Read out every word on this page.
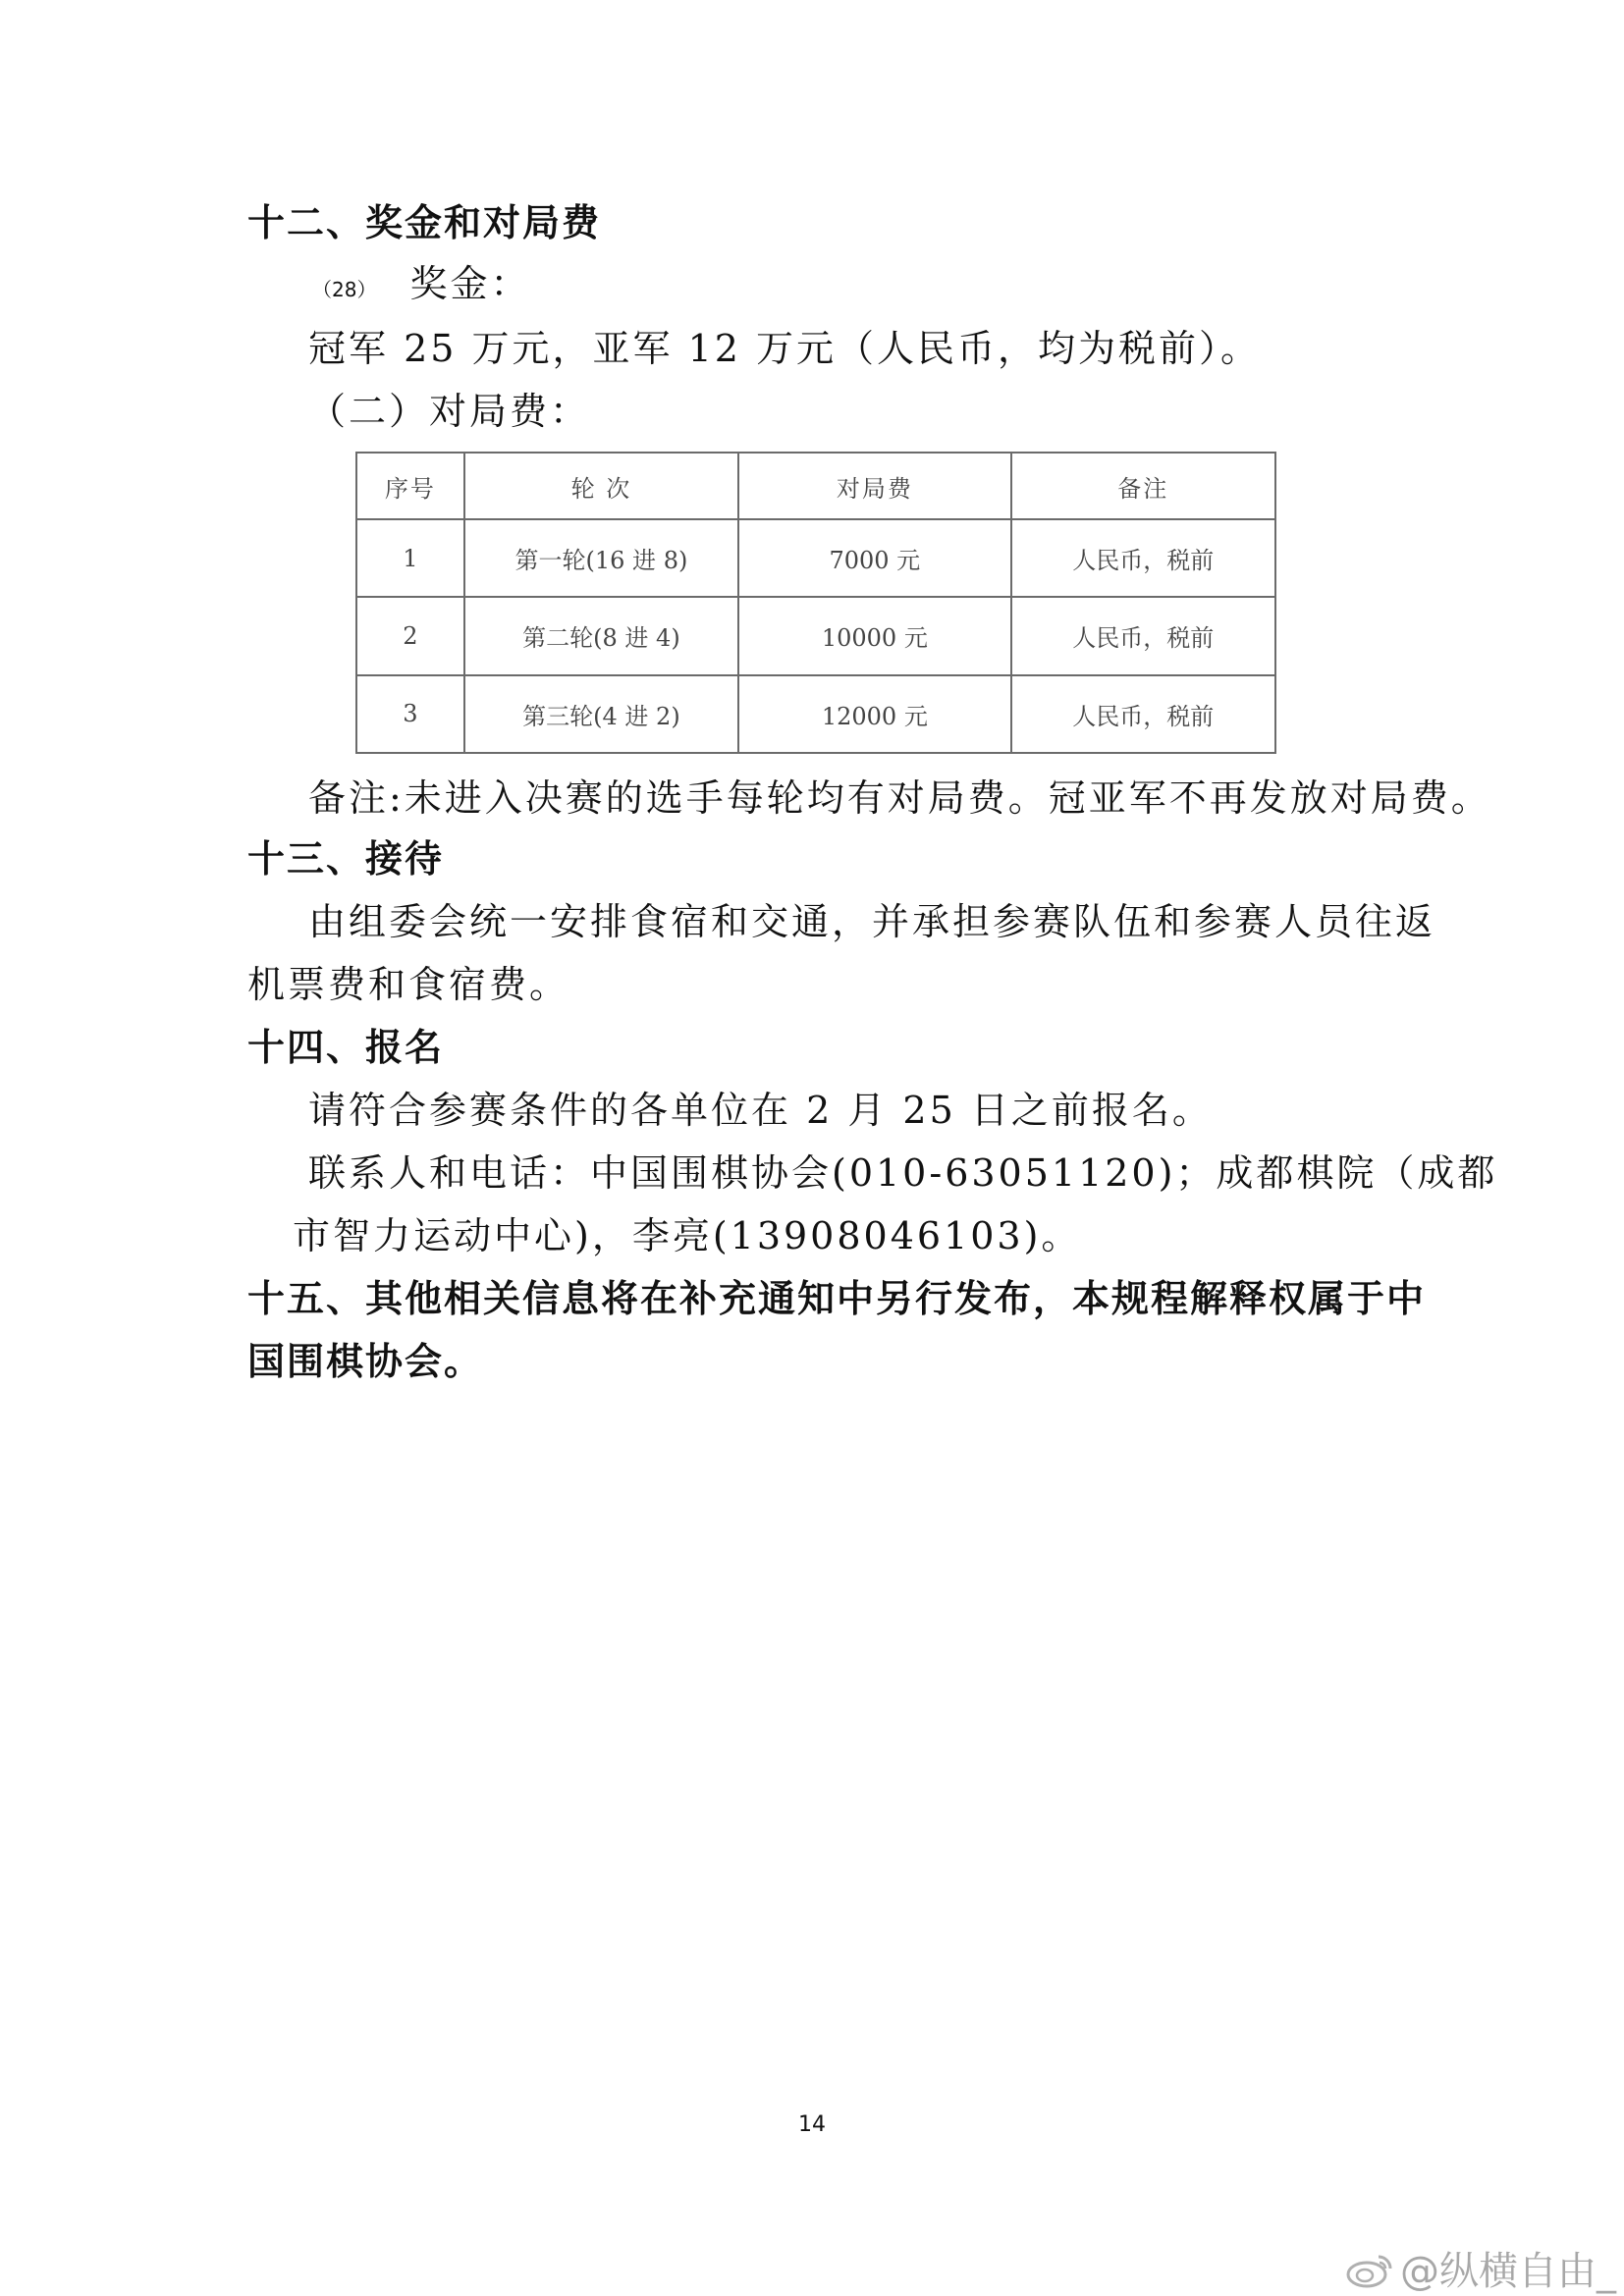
十二、奖金和对局费
（28） 奖金：
冠军 25 万元，亚军 12 万元（人民币，均为税前）。
（二）对局费：
序号	轮 次	对局费	备注
1	第一轮(16 进 8)	7000 元	人民币，税前
2	第二轮(8 进 4)	10000 元	人民币，税前
3	第三轮(4 进 2)	12000 元	人民币，税前
备注:未进入决赛的选手每轮均有对局费。冠亚军不再发放对局费。
十三、接待
由组委会统一安排食宿和交通，并承担参赛队伍和参赛人员往返
机票费和食宿费。
十四、报名
请符合参赛条件的各单位在 2 月 25 日之前报名。
联系人和电话：中国围棋协会(010-63051120)；成都棋院（成都
市智力运动中心)，李亮(13908046103)。
十五、其他相关信息将在补充通知中另行发布，本规程解释权属于中
国围棋协会。
14
@纵横自由_
